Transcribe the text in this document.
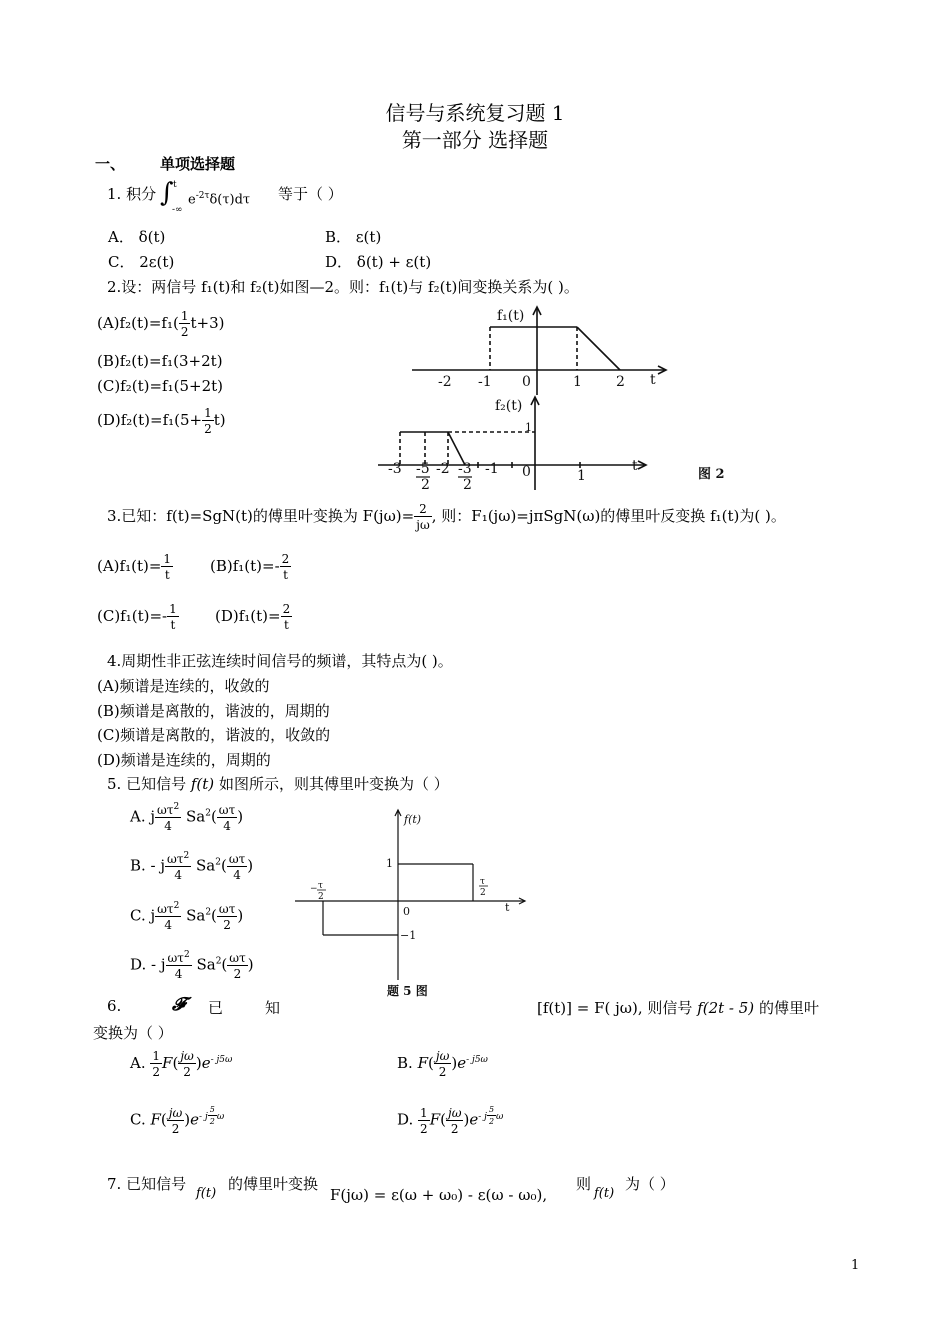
信号与系统复习题 1
第一部分 选择题
一、 单项选择题
1. 积分 ∫ t
-∞
$e^{-2\tau}\delta(\tau)d\tau$ 等于（ ）
A． δ(t)	B． ε(t)
C． 2ε(t)	D． δ(t) + ε(t)
2.设：两信号 f₁(t)和 f₂(t)如图—2。则：f₁(t)与 f₂(t)间变换关系为( )。
$(A)f_2(t)=f_1( \frac{1}{2} t+3)$
(B)f₂(t)=f₁(3+2t)
(C)f₂(t)=f₁(5+2t)
$(D)f_2(t)=f_1(5+ \frac{1}{2} t)$
f₁(t)
t
-2 -1 0	1 2
f₂(t)
1
t
-3 -5
2
-2 -3
2
-1 0	1	图 2
3.已知：f(t)=SgN(t)的傅里叶变换为 $F(j\omega)= \frac{2}{j\omega}$ , 则：F₁(jω)=jπSgN(ω)的傅里叶反变换 f₁(t)为( )。
$(A)f_1(t)= \frac{1}{t} (B)f_1(t)=- \frac{2}{t}$
$(C)f_1(t)=- \frac{1}{t} (D)f_1(t)= \frac{2}{t}$
4.周期性非正弦连续时间信号的频谱，其特点为( )。
(A)频谱是连续的，收敛的
(B)频谱是离散的，谐波的，周期的
(C)频谱是离散的，谐波的，收敛的
(D)频谱是连续的，周期的
5. 已知信号 f(t) 如图所示，则其傅里叶变换为（ ）
A. j $\frac{\omega\tau^2}{4} Sa^2( \frac{\omega\tau}{4}$ )
B. - j $\frac{\omega\tau^2}{4} Sa^2( \frac{\omega\tau}{4}$ )
C. j $\frac{\omega\tau^2}{4} Sa^2( \frac{\omega\tau}{2}$ )
D. - j $\frac{\omega\tau^2}{4} Sa^2( \frac{\omega\tau}{2}$ )
f(t)
t
1
−1
0
− τ
2
τ
2
题 5 图
6.	𝓕 已	知	[f(t)] = F( jω), 则信号 f(2t - 5) 的傅里叶
变换为（ ）
A. $\frac{1}{2} F( \frac{j\omega}{2} )e^{- j5\omega}$	B. $F( \frac{j\omega}{2} )e^{- j5\omega}$
C. $F( \frac{j\omega}{2} )e^{- j \frac{5}{2} \omega}$	D. $\frac{1}{2} F( \frac{j\omega}{2} )e^{- j \frac{5}{2} \omega}$
7. 已知信号
f(t)
的傅里叶变换
F(jω) = ε(ω + ω₀) - ε(ω - ω₀),
则
f(t)
为（ ）
1
